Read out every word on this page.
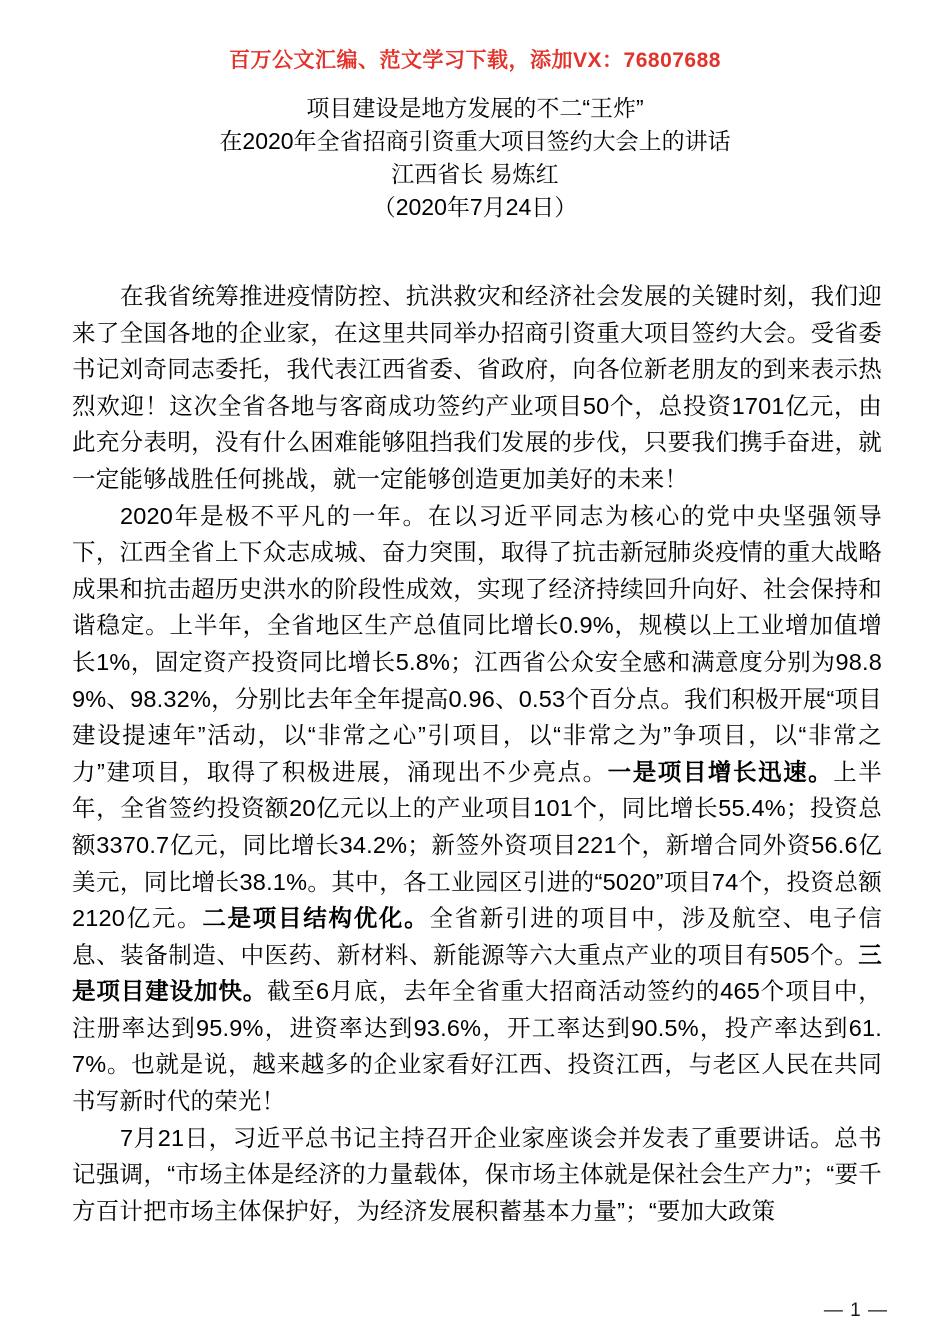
百万公文汇编、范文学习下载，添加VX：76807688
项目建设是地方发展的不二“王炸”
在2020年全省招商引资重大项目签约大会上的讲话
江西省长 易炼红
（2020年7月24日）

在我省统筹推进疫情防控、抗洪救灾和经济社会发展的关键时刻，我们迎来了全国各地的企业家，在这里共同举办招商引资重大项目签约大会。受省委书记刘奇同志委托，我代表江西省委、省政府，向各位新老朋友的到来表示热烈欢迎！这次全省各地与客商成功签约产业项目50个，总投资1701亿元，由此充分表明，没有什么困难能够阻挡我们发展的步伐，只要我们携手奋进，就一定能够战胜任何挑战，就一定能够创造更加美好的未来！

2020年是极不平凡的一年。在以习近平同志为核心的党中央坚强领导下，江西全省上下众志成城、奋力突围，取得了抗击新冠肺炎疫情的重大战略成果和抗击超历史洪水的阶段性成效，实现了经济持续回升向好、社会保持和谐稳定。上半年，全省地区生产总值同比增长0.9%，规模以上工业增加值增长1%，固定资产投资同比增长5.8%；江西省公众安全感和满意度分别为98.89%、98.32%，分别比去年全年提高0.96、0.53个百分点。我们积极开展“项目建设提速年”活动，以“非常之心”引项目，以“非常之为”争项目，以“非常之力”建项目，取得了积极进展，涌现出不少亮点。一是项目增长迅速。上半年，全省签约投资额20亿元以上的产业项目101个，同比增长55.4%；投资总额3370.7亿元，同比增长34.2%；新签外资项目221个，新增合同外资56.6亿美元，同比增长38.1%。其中，各工业园区引进的“5020”项目74个，投资总额2120亿元。二是项目结构优化。全省新引进的项目中，涉及航空、电子信息、装备制造、中医药、新材料、新能源等六大重点产业的项目有505个。三是项目建设加快。截至6月底，去年全省重大招商活动签约的465个项目中，注册率达到95.9%，进资率达到93.6%，开工率达到90.5%，投产率达到61.7%。也就是说，越来越多的企业家看好江西、投资江西，与老区人民在共同书写新时代的荣光！

7月21日，习近平总书记主持召开企业家座谈会并发表了重要讲话。总书记强调，“市场主体是经济的力量载体，保市场主体就是保社会生产力”；“要千方百计把市场主体保护好，为经济发展积蓄基本力量”；“要加大政策

— 1 —
